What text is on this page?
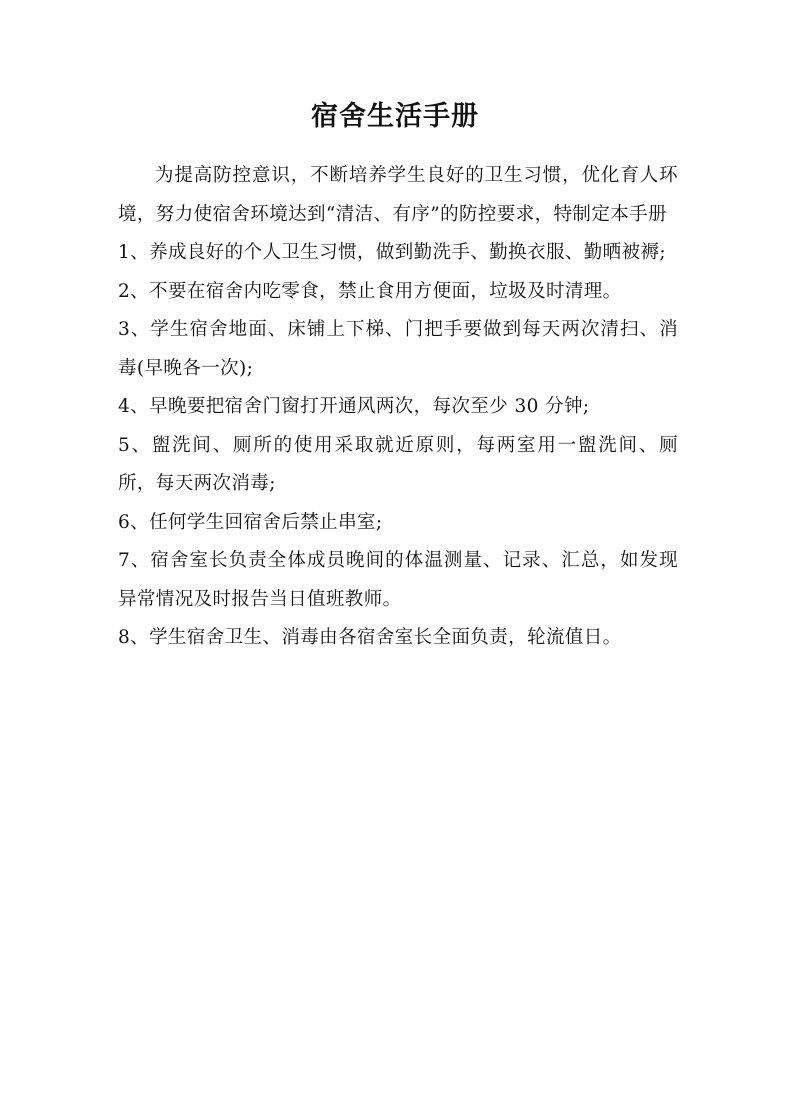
宿舍生活手册

为提高防控意识，不断培养学生良好的卫生习惯，优化育人环境，努力使宿舍环境达到“清洁、有序”的防控要求，特制定本手册

1、养成良好的个人卫生习惯，做到勤洗手、勤换衣服、勤晒被褥;

2、不要在宿舍内吃零食，禁止食用方便面，垃圾及时清理。

3、学生宿舍地面、床铺上下梯、门把手要做到每天两次清扫、消毒(早晚各一次);

4、早晚要把宿舍门窗打开通风两次，每次至少 30 分钟;

5、盥洗间、厕所的使用采取就近原则，每两室用一盥洗间、厕所，每天两次消毒;

6、任何学生回宿舍后禁止串室;

7、宿舍室长负责全体成员晚间的体温测量、记录、汇总，如发现异常情况及时报告当日值班教师。

8、学生宿舍卫生、消毒由各宿舍室长全面负责，轮流值日。
